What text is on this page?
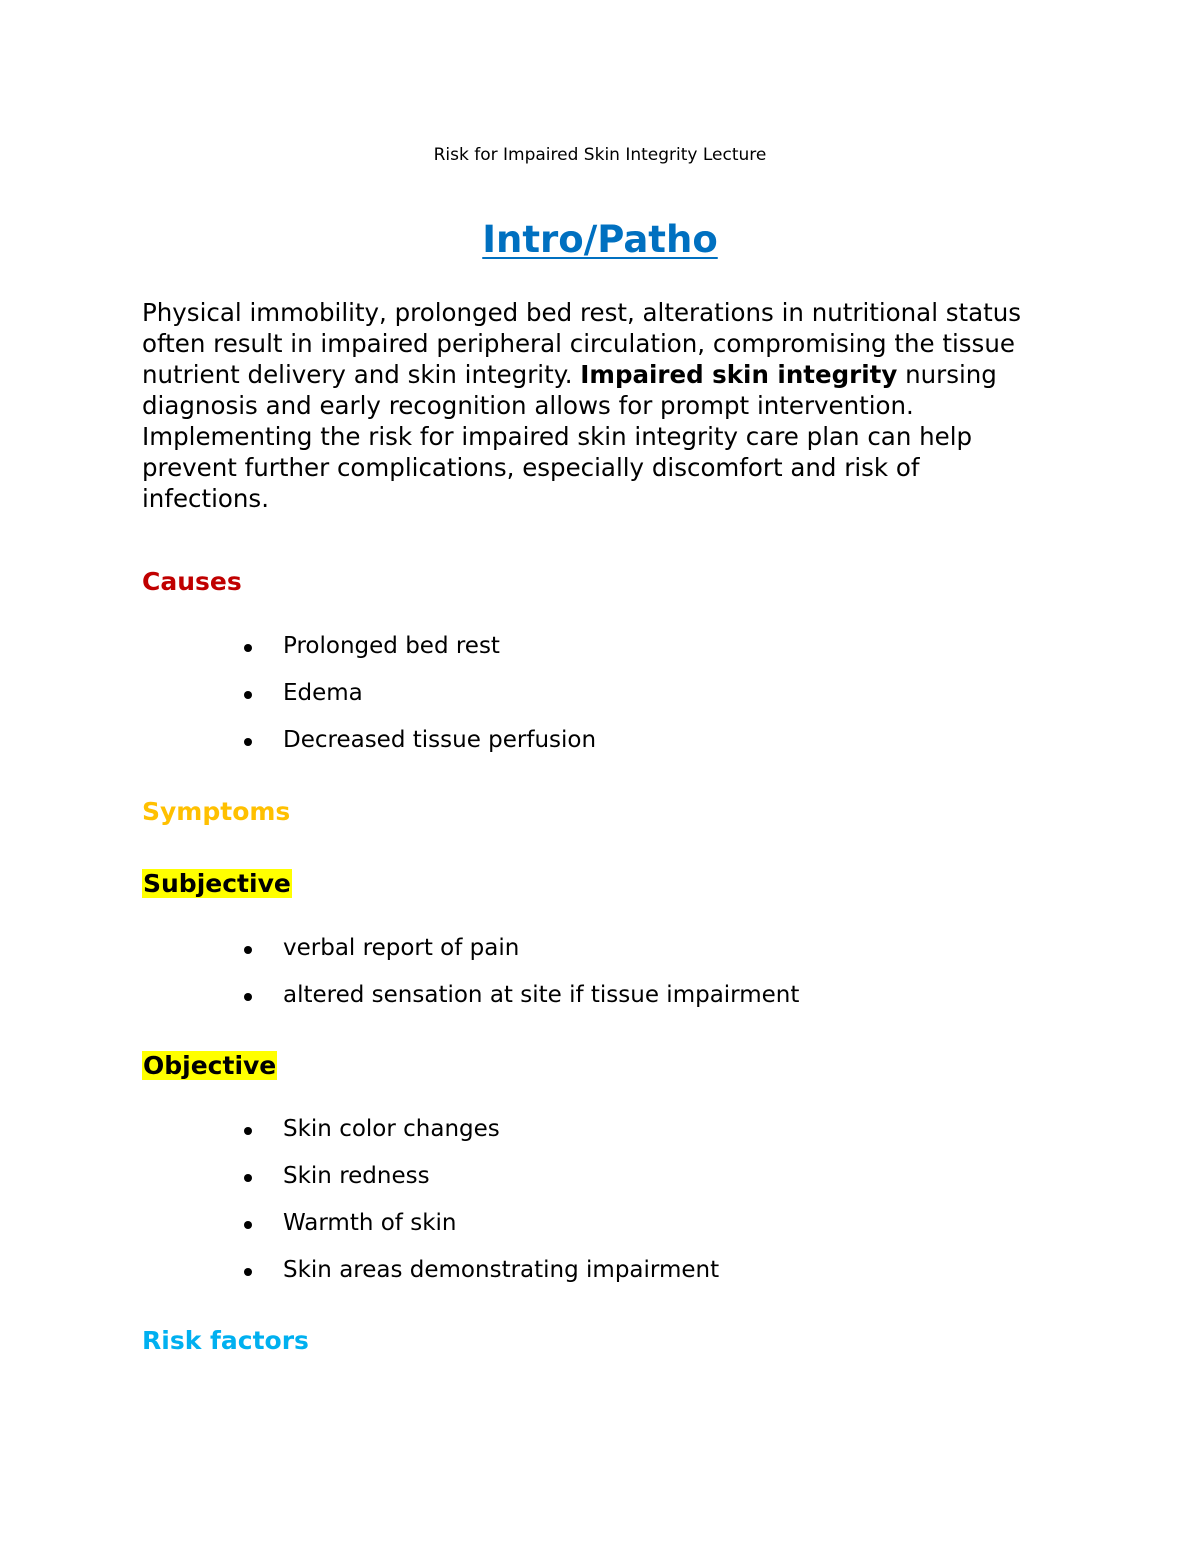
Risk for Impaired Skin Integrity Lecture
Intro/Patho

Physical immobility, prolonged bed rest, alterations in nutritional status often result in impaired peripheral circulation, compromising the tissue nutrient delivery and skin integrity. Impaired skin integrity nursing diagnosis and early recognition allows for prompt intervention. Implementing the risk for impaired skin integrity care plan can help prevent further complications, especially discomfort and risk of infections.

Causes
Prolonged bed rest
Edema
Decreased tissue perfusion
Symptoms
Subjective
verbal report of pain
altered sensation at site if tissue impairment
Objective
Skin color changes
Skin redness
Warmth of skin
Skin areas demonstrating impairment
Risk factors
